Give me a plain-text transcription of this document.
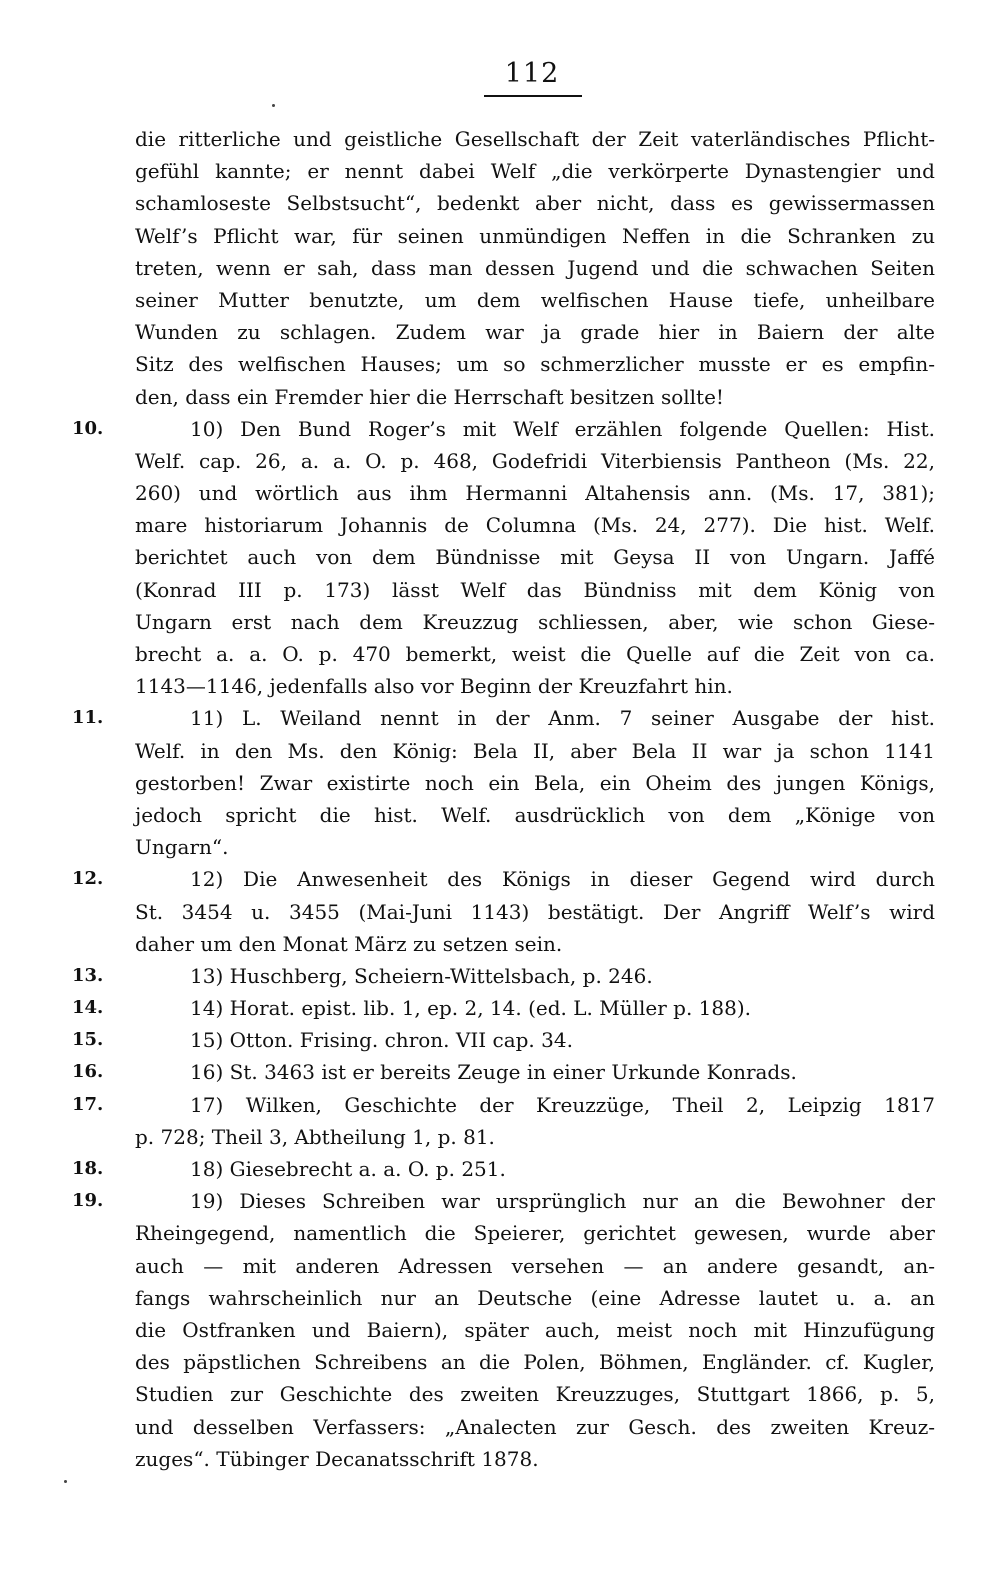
112
die ritterliche und geistliche Gesellschaft der Zeit vaterländisches Pflicht-
gefühl kannte; er nennt dabei Welf „die verkörperte Dynastengier und
schamloseste Selbstsucht“, bedenkt aber nicht, dass es gewissermassen
Welf’s Pflicht war, für seinen unmündigen Neffen in die Schranken zu
treten, wenn er sah, dass man dessen Jugend und die schwachen Seiten
seiner Mutter benutzte, um dem welfischen Hause tiefe, unheilbare
Wunden zu schlagen. Zudem war ja grade hier in Baiern der alte
Sitz des welfischen Hauses; um so schmerzlicher musste er es empfin-
den, dass ein Fremder hier die Herrschaft besitzen sollte!
10.	10) Den Bund Roger’s mit Welf erzählen folgende Quellen: Hist.
Welf. cap. 26, a. a. O. p. 468, Godefridi Viterbiensis Pantheon (Ms. 22,
260) und wörtlich aus ihm Hermanni Altahensis ann. (Ms. 17, 381);
mare historiarum Johannis de Columna (Ms. 24, 277). Die hist. Welf.
berichtet auch von dem Bündnisse mit Geysa II von Ungarn. Jaffé
(Konrad III p. 173) lässt Welf das Bündniss mit dem König von
Ungarn erst nach dem Kreuzzug schliessen, aber, wie schon Giese-
brecht a. a. O. p. 470 bemerkt, weist die Quelle auf die Zeit von ca.
1143—1146, jedenfalls also vor Beginn der Kreuzfahrt hin.
11.	11) L. Weiland nennt in der Anm. 7 seiner Ausgabe der hist.
Welf. in den Ms. den König: Bela II, aber Bela II war ja schon 1141
gestorben! Zwar existirte noch ein Bela, ein Oheim des jungen Königs,
jedoch spricht die hist. Welf. ausdrücklich von dem „Könige von
Ungarn“.
12.	12) Die Anwesenheit des Königs in dieser Gegend wird durch
St. 3454 u. 3455 (Mai-Juni 1143) bestätigt. Der Angriff Welf’s wird
daher um den Monat März zu setzen sein.
13.	13) Huschberg, Scheiern-Wittelsbach, p. 246.
14.	14) Horat. epist. lib. 1, ep. 2, 14. (ed. L. Müller p. 188).
15.	15) Otton. Frising. chron. VII cap. 34.
16.	16) St. 3463 ist er bereits Zeuge in einer Urkunde Konrads.
17.	17) Wilken, Geschichte der Kreuzzüge, Theil 2, Leipzig 1817
p. 728; Theil 3, Abtheilung 1, p. 81.
18.	18) Giesebrecht a. a. O. p. 251.
19.	19) Dieses Schreiben war ursprünglich nur an die Bewohner der
Rheingegend, namentlich die Speierer, gerichtet gewesen, wurde aber
auch — mit anderen Adressen versehen — an andere gesandt, an-
fangs wahrscheinlich nur an Deutsche (eine Adresse lautet u. a. an
die Ostfranken und Baiern), später auch, meist noch mit Hinzufügung
des päpstlichen Schreibens an die Polen, Böhmen, Engländer. cf. Kugler,
Studien zur Geschichte des zweiten Kreuzzuges, Stuttgart 1866, p. 5,
und desselben Verfassers: „Analecten zur Gesch. des zweiten Kreuz-
zuges“. Tübinger Decanatsschrift 1878.
